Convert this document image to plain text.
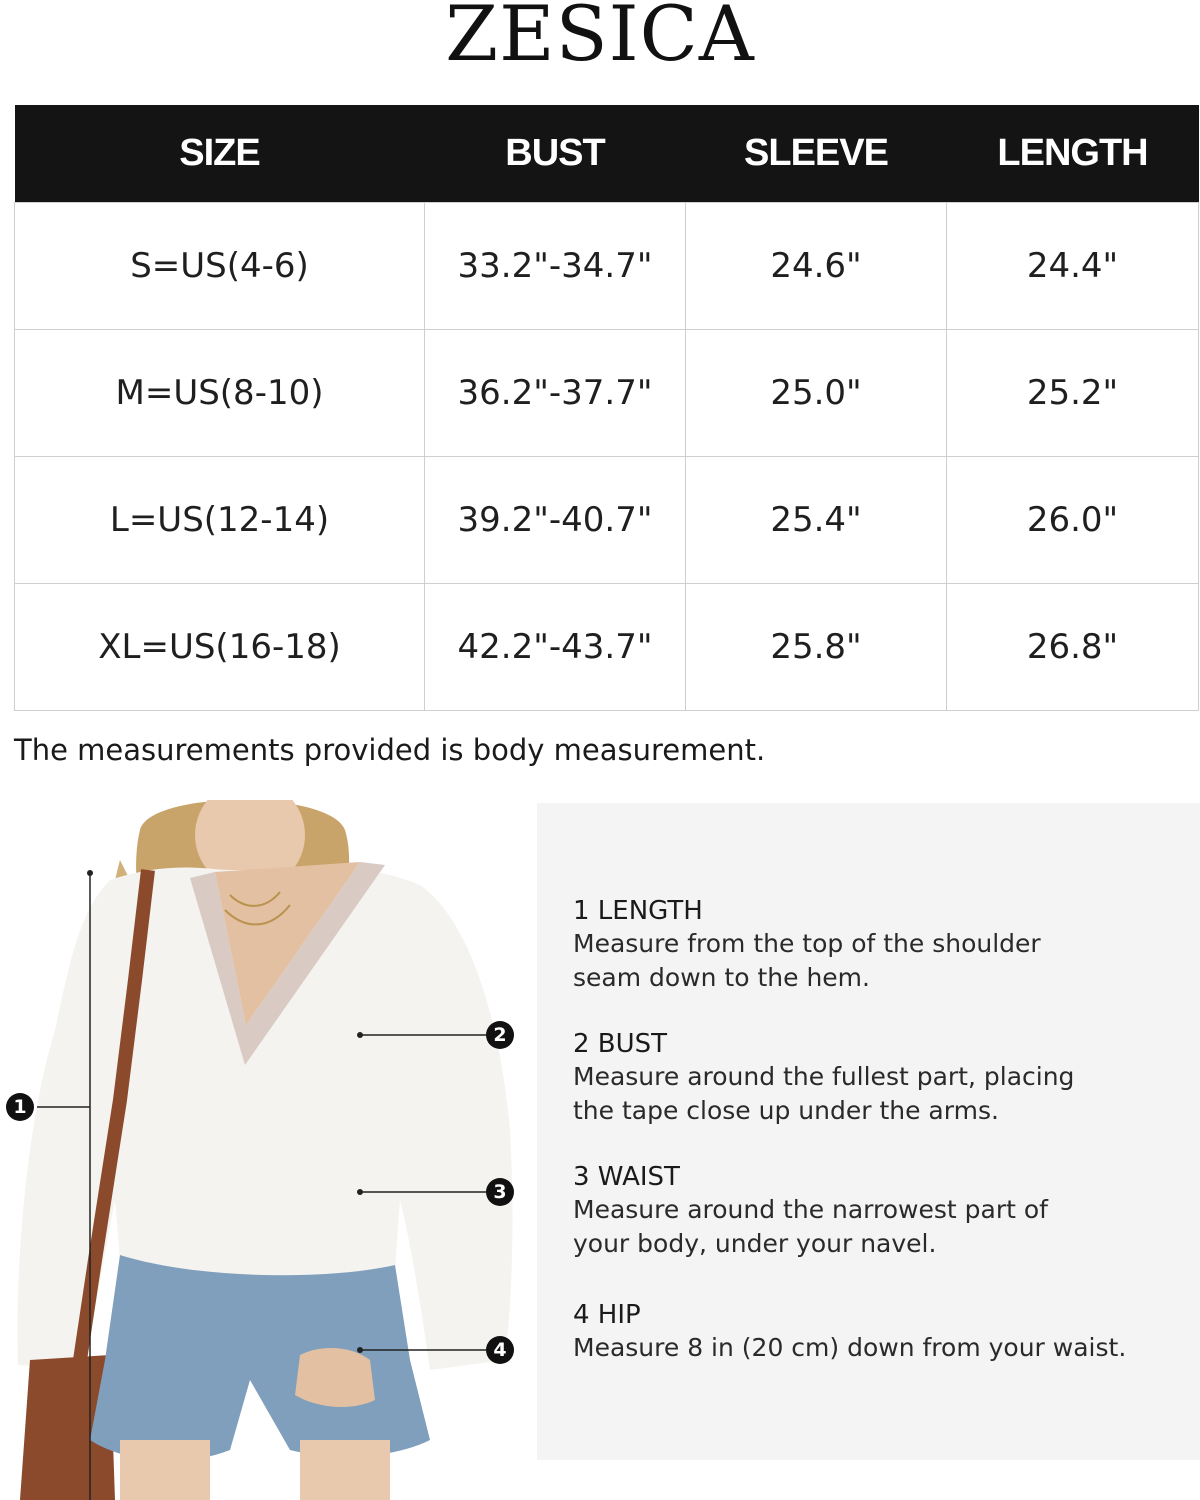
ZESICA
SIZE	BUST	SLEEVE	LENGTH
S=US(4-6)	33.2"-34.7"	24.6"	24.4"
M=US(8-10)	36.2"-37.7"	25.0"	25.2"
L=US(12-14)	39.2"-40.7"	25.4"	26.0"
XL=US(16-18)	42.2"-43.7"	25.8"	26.8"
The measurements provided is body measurement.
1
2
3
4
1 LENGTH
Measure from the top of the shoulder
seam down to the hem.
2 BUST
Measure around the fullest part, placing
the tape close up under the arms.
3 WAIST
Measure around the narrowest part of
your body, under your navel.
4 HIP
Measure 8 in (20 cm) down from your waist.
